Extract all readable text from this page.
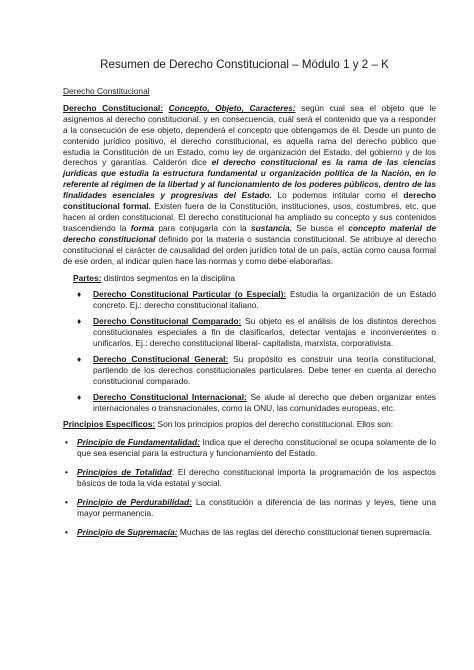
Resumen de Derecho Constitucional – Módulo 1 y 2 – K
Derecho Constitucional

Derecho Constitucional: Concepto, Objeto, Caracteres: según cual sea el objeto que le asignemos al derecho constitucional, y en consecuencia, cuál será el contenido que va a responder a la consecución de ese objeto, dependerá el concepto que obtengamos de él. Desde un punto de contenido jurídico positivo, el derecho constitucional, es aquella rama del derecho público que estudia la Constitución de un Estado, como ley de organización del Estado, del gobierno y de los derechos y garantías. Calderón dice el derecho constitucional es la rama de las ciencias jurídicas que estudia la estructura fundamental u organización política de la Nación, en lo referente al régimen de la libertad y al funcionamiento de los poderes públicos, dentro de las finalidades esenciales y progresivas del Estado. Lo podemos intitular como el derecho constitucional formal. Existen fuera de la Constitución, instituciones, usos, costumbres, etc. que hacen al orden constitucional. El derecho constitucional ha ampliado su concepto y sus contenidos trascendiendo la forma para conjugarla con la sustancia. Se busca el concepto material de derecho constitucional definido por la materia o sustancia constitucional. Se atribuye al derecho constitucional el carácter de causalidad del orden jurídico total de un país, actúa como causa formal de ese orden, al indicar quien hace las normas y como debe elaborarlas.

Partes: distintos segmentos en la disciplina
♦ Derecho Constitucional Particular (o Especial): Estudia la organización de un Estado concreto. Ej.: derecho constitucional italiano.
♦ Derecho Constitucional Comparado: Su objeto es el análisis de los distintos derechos constitucionales especiales a fin de clasificarlos, detectar ventajas e inconvenientes o unificarlos. Ej.: derecho constitucional liberal- capitalista, marxista, corporativista.
♦ Derecho Constitucional General: Su propósito es construir una teoría constitucional, partiendo de los derechos constitucionales particulares. Debe tener en cuenta al derecho constitucional comparado.
♦ Derecho Constitucional Internacional: Se alude al derecho que deben organizar entes internacionales o transnacionales, como la ONU, las comunidades europeas, etc.
Principios Específicos: Son los principios propios del derecho constitucional. Ellos son:
• Principio de Fundamentalidad: Indica que el derecho constitucional se ocupa solamente de lo que sea esencial para la estructura y funcionamiento del Estado.
• Principios de Totalidad: El derecho constitucional importa la programación de los aspectos básicos de toda la vida estatal y social.
• Principio de Perdurabilidad: La constitución a diferencia de las normas y leyes, tiene una mayor permanencia.
• Principio de Supremacía: Muchas de las reglas del derecho constitucional tienen supremacía.
